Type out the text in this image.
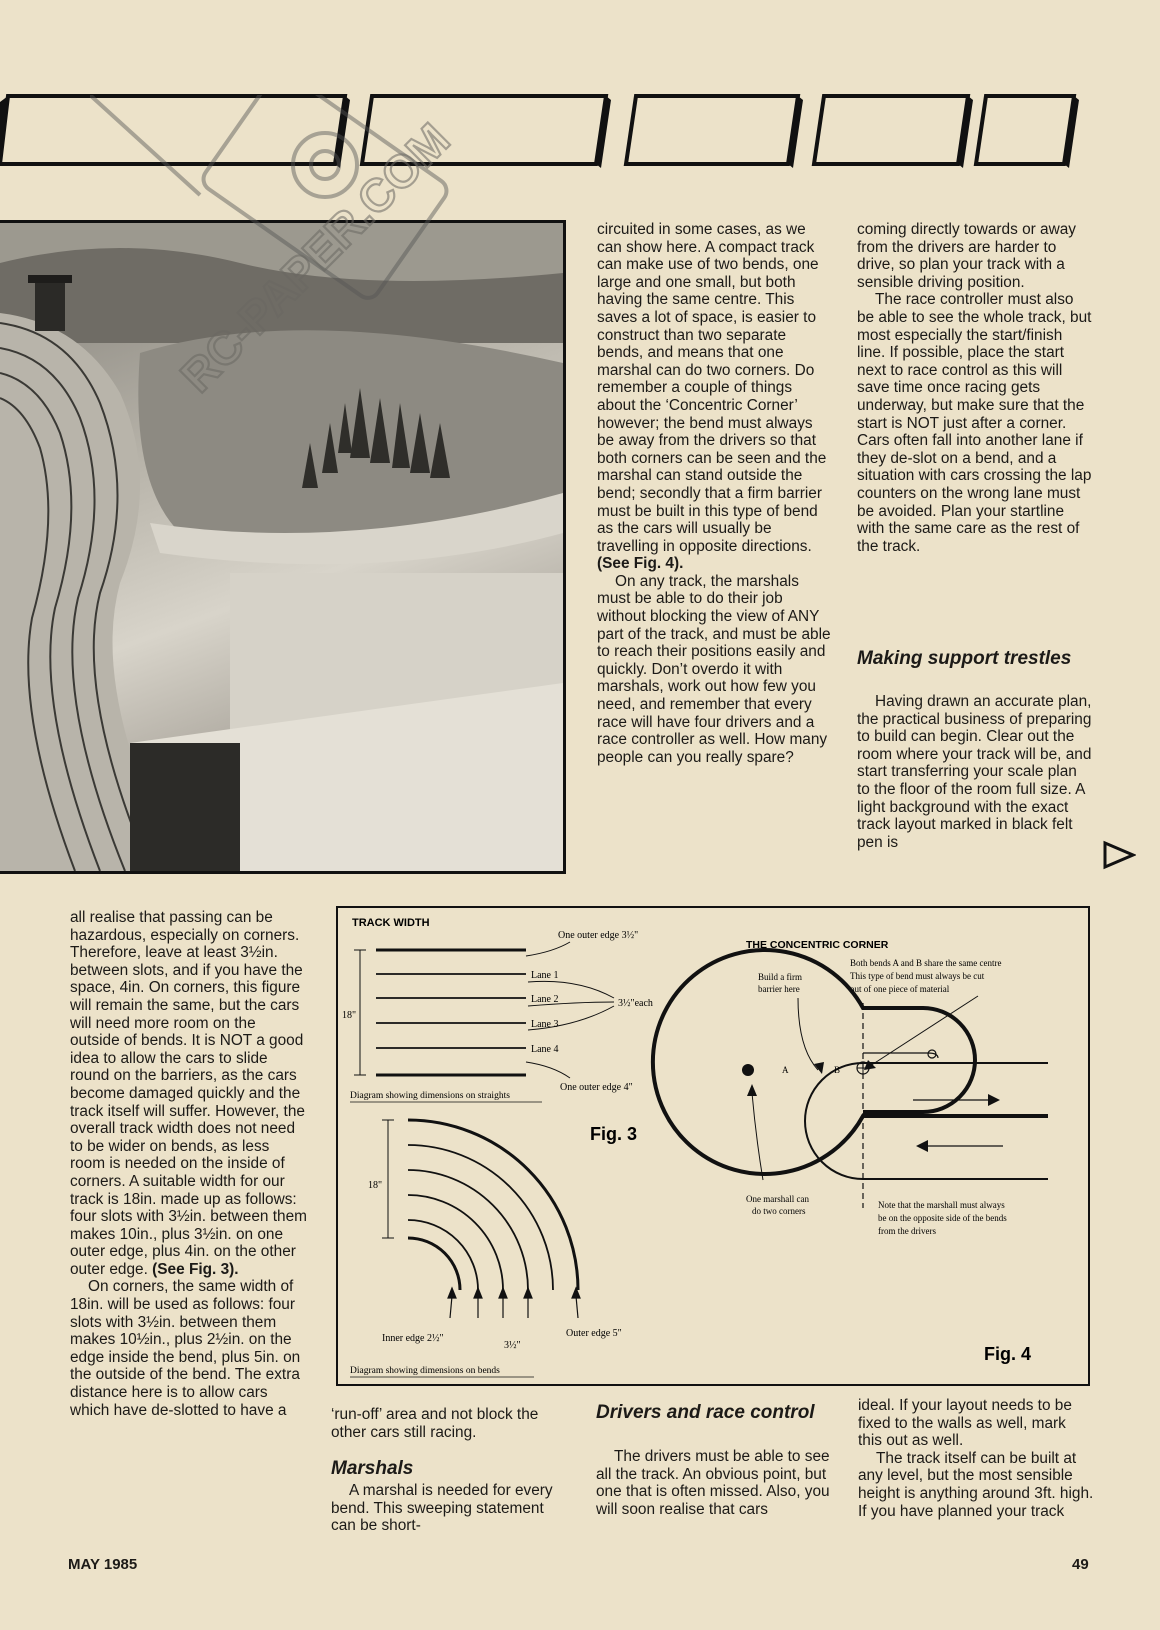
RC-PAPER.COM	circuited in some cases, as we can show here. A compact track can make use of two bends, one large and one small, but both having the same centre. This saves a lot of space, is easier to construct than two separate bends, and means that one marshal can do two corners. Do remember a couple of things about the ‘Concentric Corner’ however; the bend must always be away from the drivers so that both corners can be seen and the marshal can stand outside the bend; secondly that a firm barrier must be built in this type of bend as the cars will usually be travelling in opposite directions. (See Fig. 4).

On any track, the marshals must be able to do their job without blocking the view of ANY part of the track, and must be able to reach their positions easily and quickly. Don’t overdo it with marshals, work out how few you need, and remember that every race will have four drivers and a race controller as well. How many people can you really spare?

coming directly towards or away from the drivers are harder to drive, so plan your track with a sensible driving position.

The race controller must also be able to see the whole track, but most especially the start/finish line. If possible, place the start next to race control as this will save time once racing gets underway, but make sure that the start is NOT just after a corner. Cars often fall into another lane if they de-slot on a bend, and a situation with cars crossing the lap counters on the wrong lane must be avoided. Plan your startline with the same care as the rest of the track.

Making support trestles

Having drawn an accurate plan, the practical business of preparing to build can begin. Clear out the room where your track will be, and start transferring your scale plan to the floor of the room full size. A light background with the exact track layout marked in black felt pen is

all realise that passing can be hazardous, especially on corners. Therefore, leave at least 3½in. between slots, and if you have the space, 4in. On corners, this figure will remain the same, but the cars will need more room on the outside of bends. It is NOT a good idea to allow the cars to slide round on the barriers, as the cars become damaged quickly and the track itself will suffer. However, the overall track width does not need to be wider on bends, as less room is needed on the inside of corners. A suitable width for our track is 18in. made up as follows: four slots with 3½in. between them makes 10in., plus 3½in. on one outer edge, plus 4in. on the other outer edge. (See Fig. 3).

On corners, the same width of 18in. will be used as follows: four slots with 3½in. between them makes 10½in., plus 2½in. on the edge inside the bend, plus 5in. on the outside of the bend. The extra distance here is to allow cars which have de-slotted to have a

TRACK WIDTH
18"
One outer edge 3½"
Lane 1
Lane 2
Lane 3
Lane 4
3½"each
One outer edge 4"
Diagram showing dimensions on straights
Fig. 3
18"
Inner edge 2½"
3½"
Outer edge 5"
Diagram showing dimensions on bends
THE CONCENTRIC CORNER
Both bends A and B share the same centre
This type of bend must always be cut
out of one piece of material
Build a firm
barrier here
A	B
One marshall can
do two corners
Note that the marshall must always
be on the opposite side of the bends
from the drivers
Fig. 4

‘run-off’ area and not block the other cars still racing.

Marshals

A marshal is needed for every bend. This sweeping statement can be short-

Drivers and race control

The drivers must be able to see all the track. An obvious point, but one that is often missed. Also, you will soon realise that cars

ideal. If your layout needs to be fixed to the walls as well, mark this out as well.

The track itself can be built at any level, but the most sensible height is anything around 3ft. high. If you have planned your track

MAY 1985	49
